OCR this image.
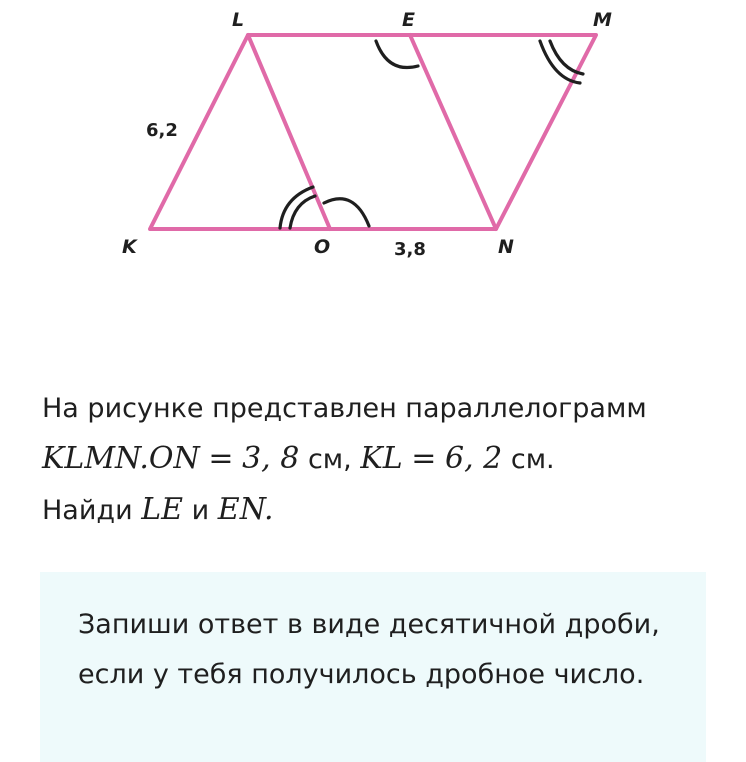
L	E	M
K	O	N
6,2
3,8

На рисунке представлен параллелограмм
KLMN.ON = 3, 8 см, KL = 6, 2 см.
Найди LE и EN.

Запиши ответ в виде десятичной дроби, если у тебя получилось дробное число.
